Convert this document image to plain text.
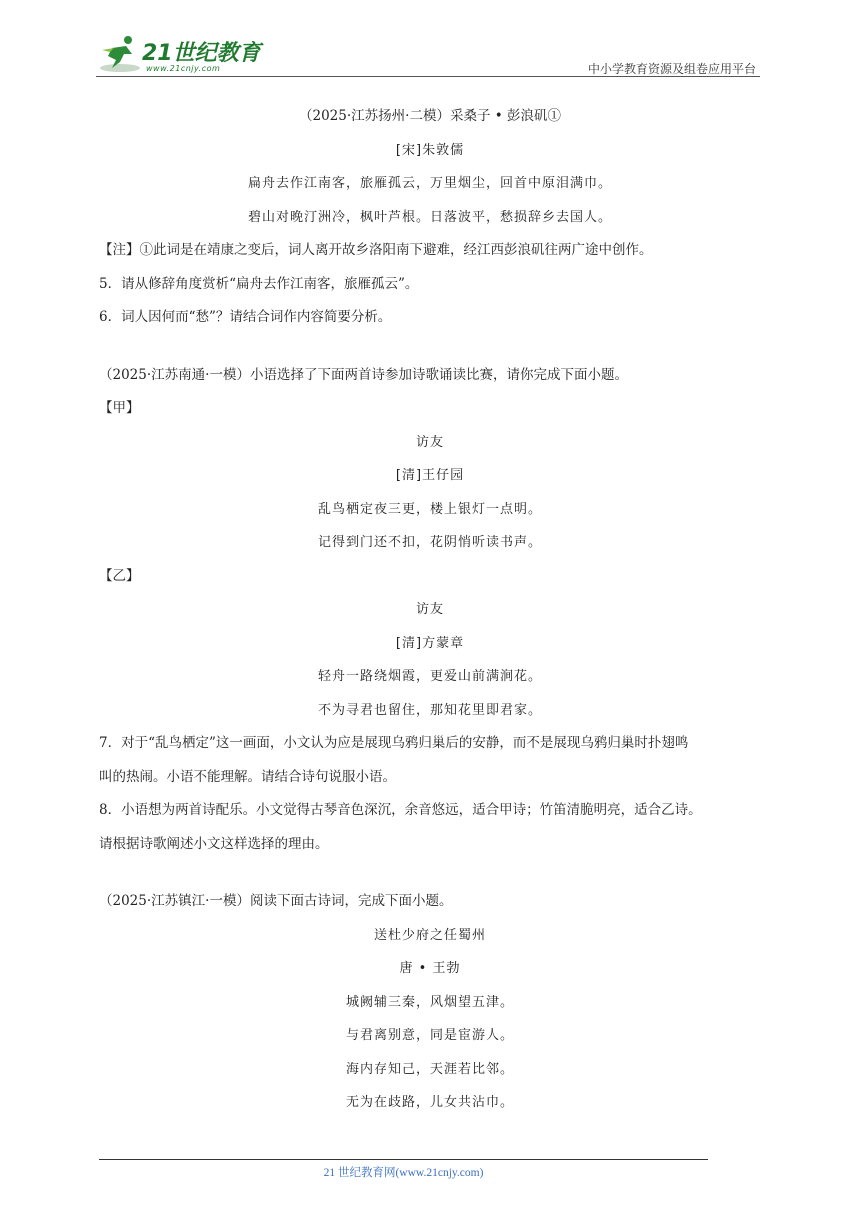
21世纪教育
www.21cnjy.com	中小学教育资源及组卷应用平台
（2025·江苏扬州·二模）采桑子 • 彭浪矶①
[宋]朱敦儒
扁舟去作江南客，旅雁孤云，万里烟尘，回首中原泪满巾。
碧山对晚汀洲冷，枫叶芦根。日落波平，愁损辞乡去国人。
【注】①此词是在靖康之变后，词人离开故乡洛阳南下避难，经江西彭浪矶往两广途中创作。
5．请从修辞角度赏析“扁舟去作江南客，旅雁孤云”。
6．词人因何而“愁”？请结合词作内容简要分析。
（2025·江苏南通·一模）小语选择了下面两首诗参加诗歌诵读比赛，请你完成下面小题。
【甲】
访友
[清]王仔园
乱鸟栖定夜三更，楼上银灯一点明。
记得到门还不扣，花阴悄听读书声。
【乙】
访友
[清]方蒙章
轻舟一路绕烟霞，更爱山前满涧花。
不为寻君也留住，那知花里即君家。
7．对于“乱鸟栖定”这一画面，小文认为应是展现乌鸦归巢后的安静，而不是展现乌鸦归巢时扑翅鸣
叫的热闹。小语不能理解。请结合诗句说服小语。
8．小语想为两首诗配乐。小文觉得古琴音色深沉，余音悠远，适合甲诗；竹笛清脆明亮，适合乙诗。
请根据诗歌阐述小文这样选择的理由。
（2025·江苏镇江·一模）阅读下面古诗词，完成下面小题。
送杜少府之任蜀州
唐 • 王勃
城阙辅三秦，风烟望五津。
与君离别意，同是宦游人。
海内存知己，天涯若比邻。
无为在歧路，儿女共沾巾。
21 世纪教育网(www.21cnjy.com)
